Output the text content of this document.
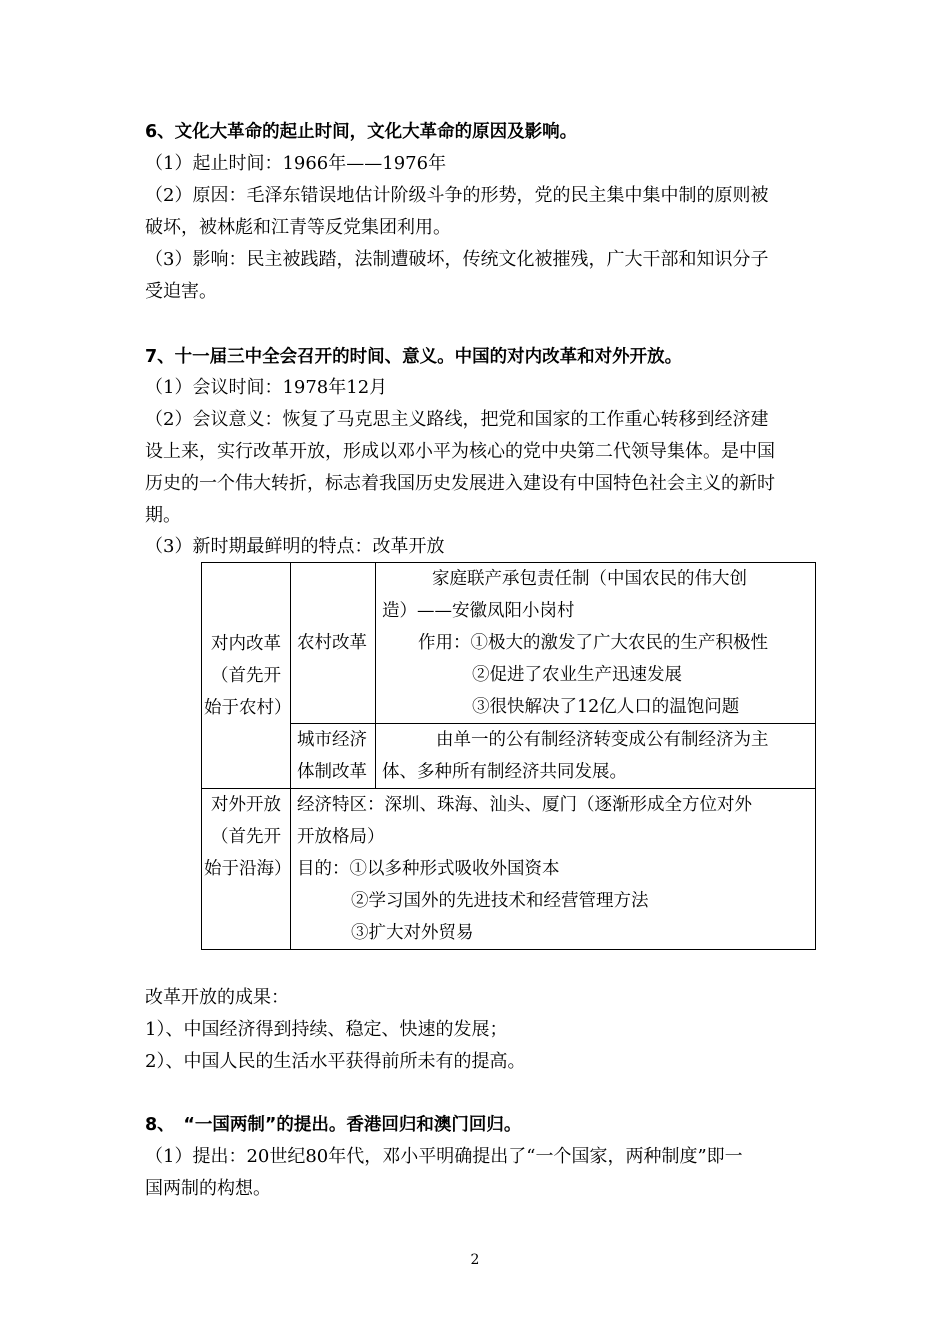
6、文化大革命的起止时间，文化大革命的原因及影响。
（1）起止时间：1966年——1976年
（2）原因：毛泽东错误地估计阶级斗争的形势，党的民主集中集中制的原则被
破坏，被林彪和江青等反党集团利用。
（3）影响：民主被践踏，法制遭破坏，传统文化被摧残，广大干部和知识分子
受迫害。
7、十一届三中全会召开的时间、意义。中国的对内改革和对外开放。
（1）会议时间：1978年12月
（2）会议意义：恢复了马克思主义路线，把党和国家的工作重心转移到经济建
设上来，实行改革开放，形成以邓小平为核心的党中央第二代领导集体。是中国
历史的一个伟大转折，标志着我国历史发展进入建设有中国特色社会主义的新时
期。
（3）新时期最鲜明的特点：改革开放
对内改革（首先开始于农村）	农村改革	家庭联产承包责任制（中国农民的伟大创
造）——安徽凤阳小岗村
作用：①极大的激发了广大农民的生产积极性
②促进了农业生产迅速发展
③很快解决了12亿人口的温饱问题

	城市经济体制改革	由单一的公有制经济转变成公有制经济为主
体、多种所有制经济共同发展。

对外开放（首先开始于沿海）	经济特区：深圳、珠海、汕头、厦门（逐渐形成全方位对外
开放格局）
目的：①以多种形式吸收外国资本
②学习国外的先进技术和经营管理方法
③扩大对外贸易	
改革开放的成果：
1）、中国经济得到持续、稳定、快速的发展；
2）、中国人民的生活水平获得前所未有的提高。
8、　“一国两制”的提出。香港回归和澳门回归。
（1）提出：20世纪80年代，邓小平明确提出了“一个国家，两种制度”即一
国两制的构想。
2
